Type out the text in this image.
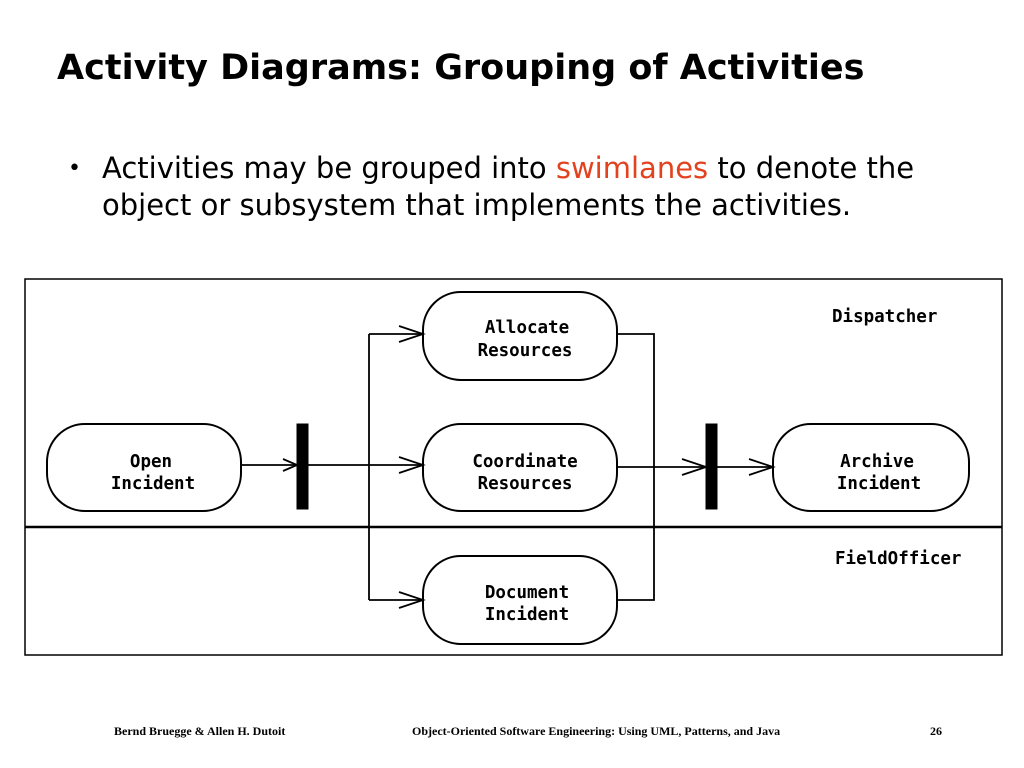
Activity Diagrams: Grouping of Activities
• Activities may be grouped into swimlanes to denote the object or subsystem that implements the activities.
Dispatcher
FieldOfficer
Open
Incident
Allocate
Resources
Coordinate
Resources
Document
Incident
Archive
Incident
Bernd Bruegge & Allen H. Dutoit	Object-Oriented Software Engineering: Using UML, Patterns, and Java	26
